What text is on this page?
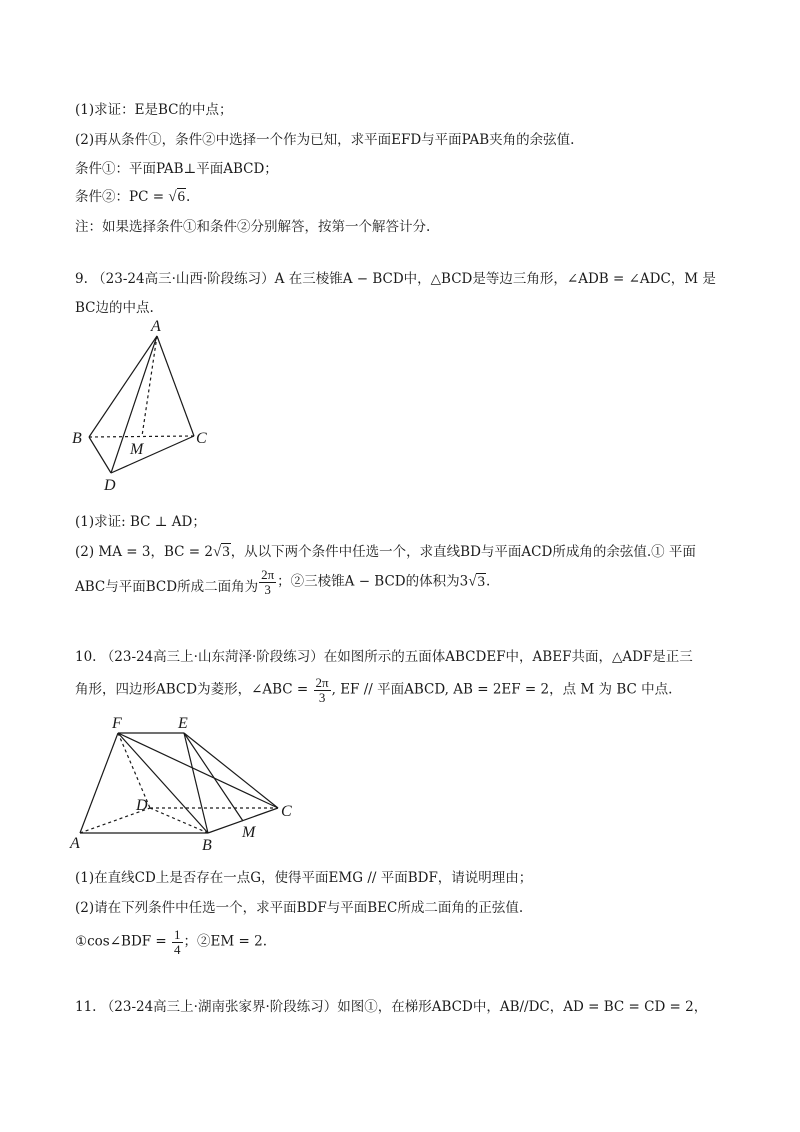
(1)求证：E是BC的中点；
(2)再从条件①，条件②中选择一个作为已知，求平面EFD与平面PAB夹角的余弦值.
条件①：平面PAB⊥平面ABCD；
条件②：PC = √6.
注：如果选择条件①和条件②分别解答，按第一个解答计分.
9. （23-24高三·山西·阶段练习）A 在三棱锥A − BCD中，△BCD是等边三角形，∠ADB = ∠ADC，M 是
BC边的中点.
A
B	C
D
M
(1)求证: BC ⊥ AD；
(2) MA = 3，BC = 2√3，从以下两个条件中任选一个，求直线BD与平面ACD所成角的余弦值.① 平面
ABC与平面BCD所成二面角为 $\frac{2\pi}{3}$ ；②三棱锥A − BCD的体积为3√3.
10. （23-24高三上·山东菏泽·阶段练习）在如图所示的五面体ABCDEF中，ABEF共面，△ADF是正三
角形，四边形ABCD为菱形，∠ABC = $\frac{2\pi}{3}$ , EF // 平面ABCD, AB = 2EF = 2，点 M 为 BC 中点.
F	E
D	C
A	B
M
(1)在直线CD上是否存在一点G，使得平面EMG // 平面BDF，请说明理由；
(2)请在下列条件中任选一个，求平面BDF与平面BEC所成二面角的正弦值.
①cos∠BDF = $\frac{1}{4}$ ；②EM = 2.
11. （23-24高三上·湖南张家界·阶段练习）如图①，在梯形ABCD中，AB//DC，AD = BC = CD = 2，
